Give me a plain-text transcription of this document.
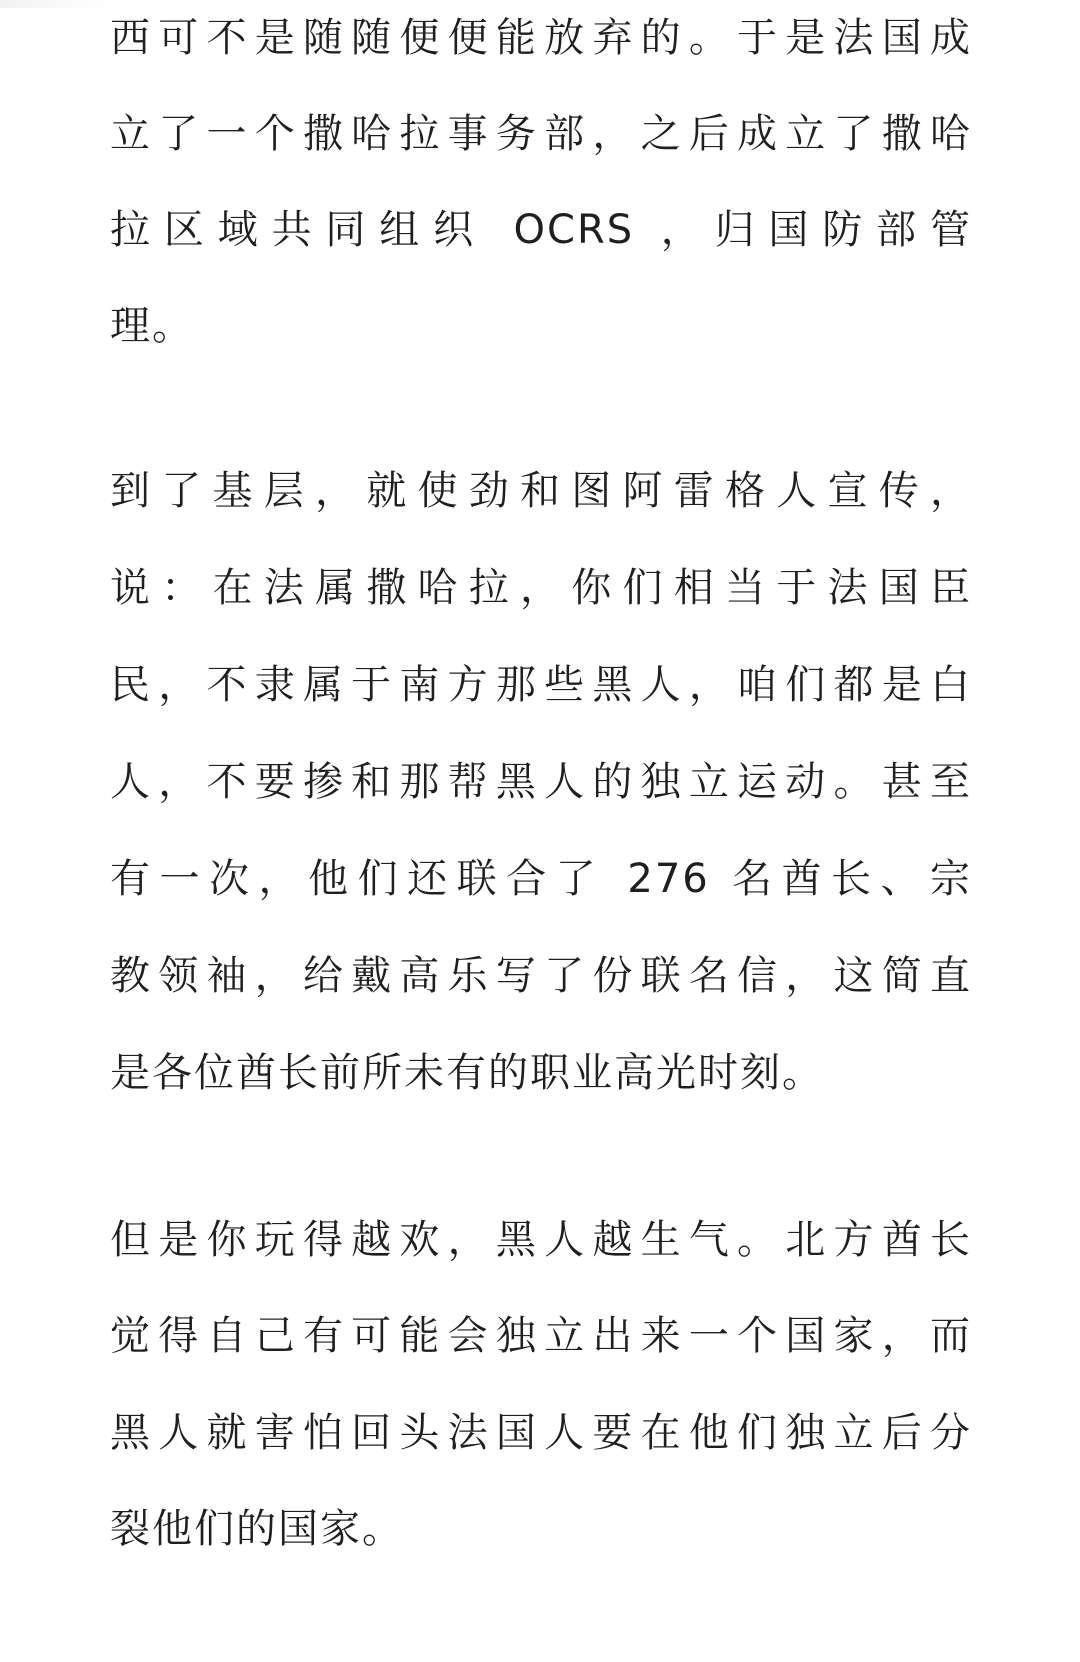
西可不是随随便便能放弃的。于是法国成
立了一个撒哈拉事务部，之后成立了撒哈
拉区域共同组织 OCRS ，归国防部管
理。
到了基层，就使劲和图阿雷格人宣传，
说：在法属撒哈拉，你们相当于法国臣
民，不隶属于南方那些黑人，咱们都是白
人，不要掺和那帮黑人的独立运动。甚至
有一次，他们还联合了 276 名酋长、宗
教领袖，给戴高乐写了份联名信，这简直
是各位酋长前所未有的职业高光时刻。
但是你玩得越欢，黑人越生气。北方酋长
觉得自己有可能会独立出来一个国家，而
黑人就害怕回头法国人要在他们独立后分
裂他们的国家。
